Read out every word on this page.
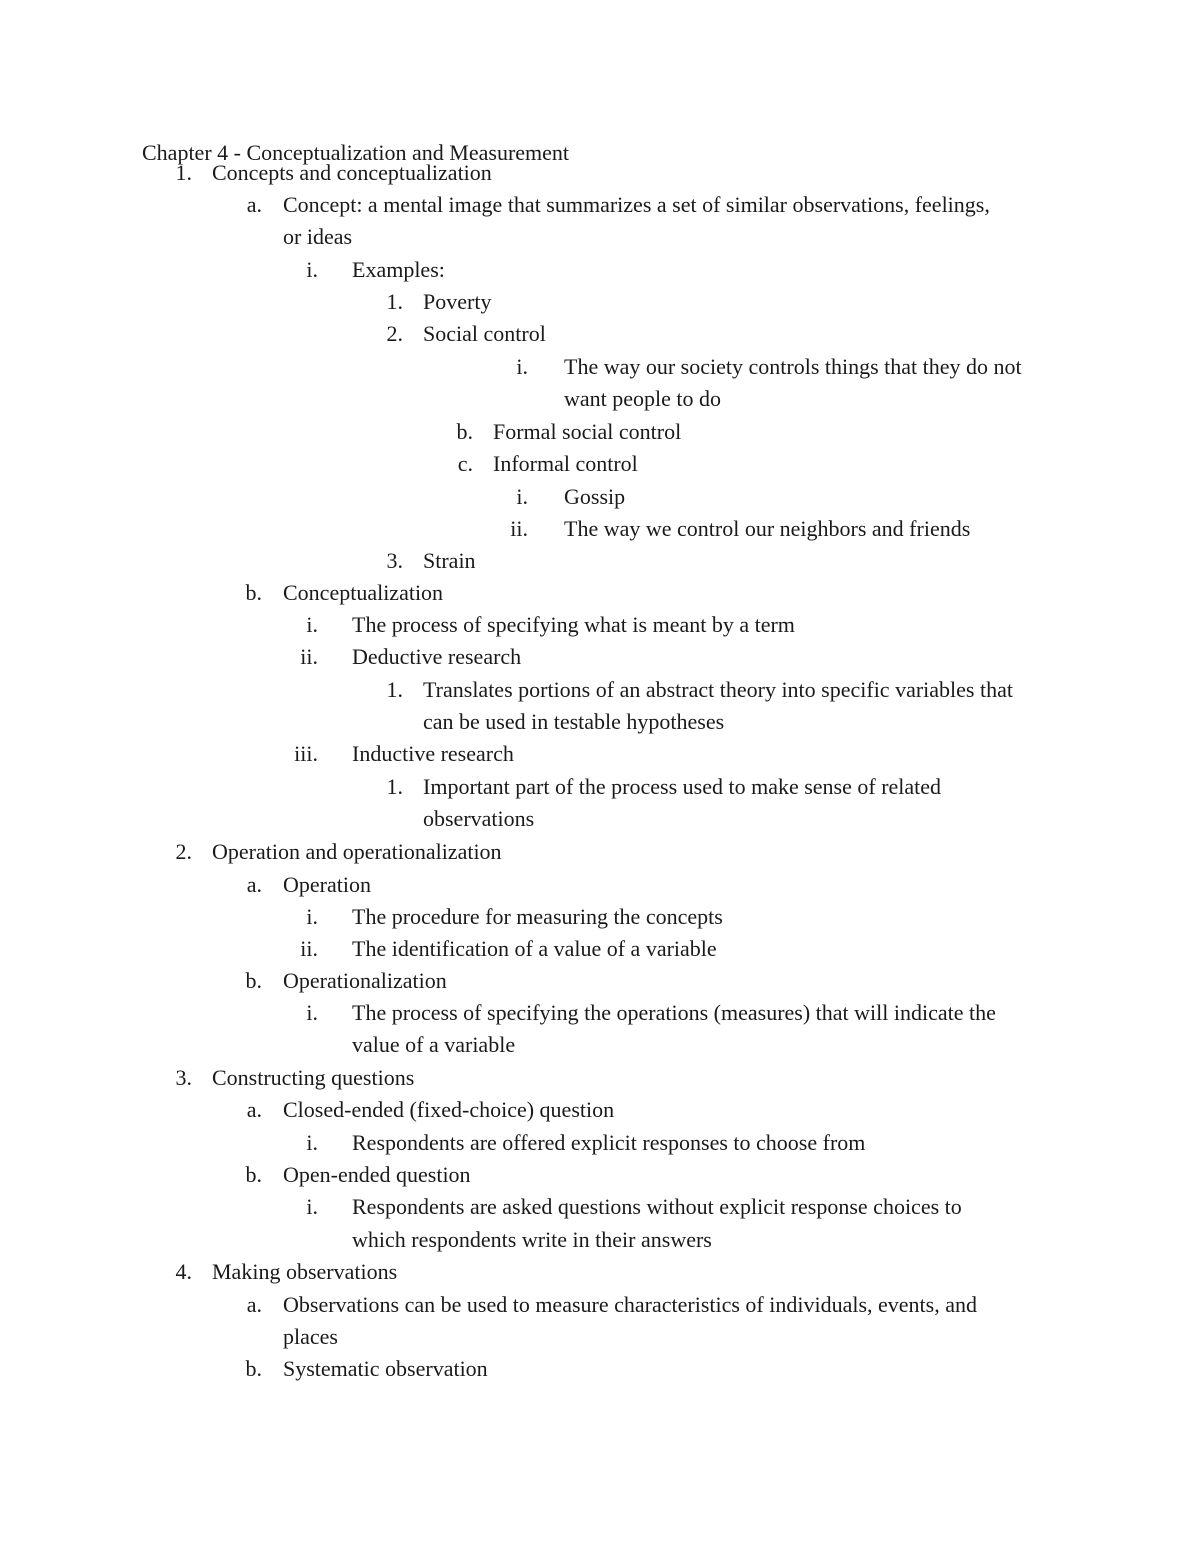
Chapter 4 - Conceptualization and Measurement
1. Concepts and conceptualization
a. Concept: a mental image that summarizes a set of similar observations, feelings,
or ideas
i. Examples:
1. Poverty
2. Social control
i. The way our society controls things that they do not
want people to do
b. Formal social control
c. Informal control
i. Gossip
ii. The way we control our neighbors and friends
3. Strain
b. Conceptualization
i. The process of specifying what is meant by a term
ii. Deductive research
1. Translates portions of an abstract theory into specific variables that
can be used in testable hypotheses
iii. Inductive research
1. Important part of the process used to make sense of related
observations
2. Operation and operationalization
a. Operation
i. The procedure for measuring the concepts
ii. The identification of a value of a variable
b. Operationalization
i. The process of specifying the operations (measures) that will indicate the
value of a variable
3. Constructing questions
a. Closed-ended (fixed-choice) question
i. Respondents are offered explicit responses to choose from
b. Open-ended question
i. Respondents are asked questions without explicit response choices to
which respondents write in their answers
4. Making observations
a. Observations can be used to measure characteristics of individuals, events, and
places
b. Systematic observation
